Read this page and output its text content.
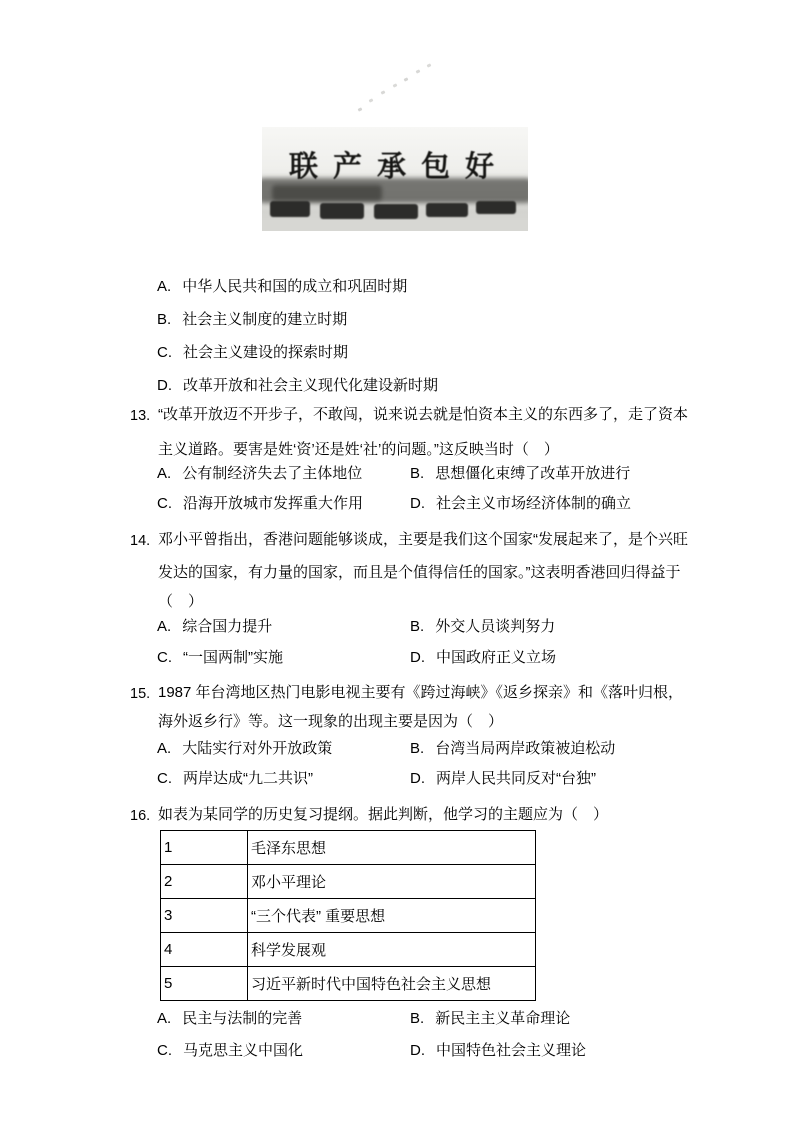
联产承包好
A. 中华人民共和国的成立和巩固时期
B. 社会主义制度的建立时期
C. 社会主义建设的探索时期
D. 改革开放和社会主义现代化建设新时期
13. “改革开放迈不开步子，不敢闯，说来说去就是怕资本主义的东西多了，走了资本
主义道路。要害是姓‘资’还是姓‘社’的问题。”这反映当时（　）
A. 公有制经济失去了主体地位	B. 思想僵化束缚了改革开放进行
C. 沿海开放城市发挥重大作用	D. 社会主义市场经济体制的确立
14. 邓小平曾指出，香港问题能够谈成，主要是我们这个国家“发展起来了，是个兴旺
发达的国家，有力量的国家，而且是个值得信任的国家。”这表明香港回归得益于
（　）
A. 综合国力提升	B. 外交人员谈判努力
C. “一国两制”实施	D. 中国政府正义立场
15. 1987 年台湾地区热门电影电视主要有《跨过海峡》《返乡探亲》和《落叶归根，
海外返乡行》等。这一现象的出现主要是因为（　）
A. 大陆实行对外开放政策	B. 台湾当局两岸政策被迫松动
C. 两岸达成“九二共识”	D. 两岸人民共同反对“台独”
16. 如表为某同学的历史复习提纲。据此判断，他学习的主题应为（　）
1	毛泽东思想
2	邓小平理论
3	“三个代表” 重要思想
4	科学发展观
5	习近平新时代中国特色社会主义思想
A. 民主与法制的完善	B. 新民主主义革命理论
C. 马克思主义中国化	D. 中国特色社会主义理论
